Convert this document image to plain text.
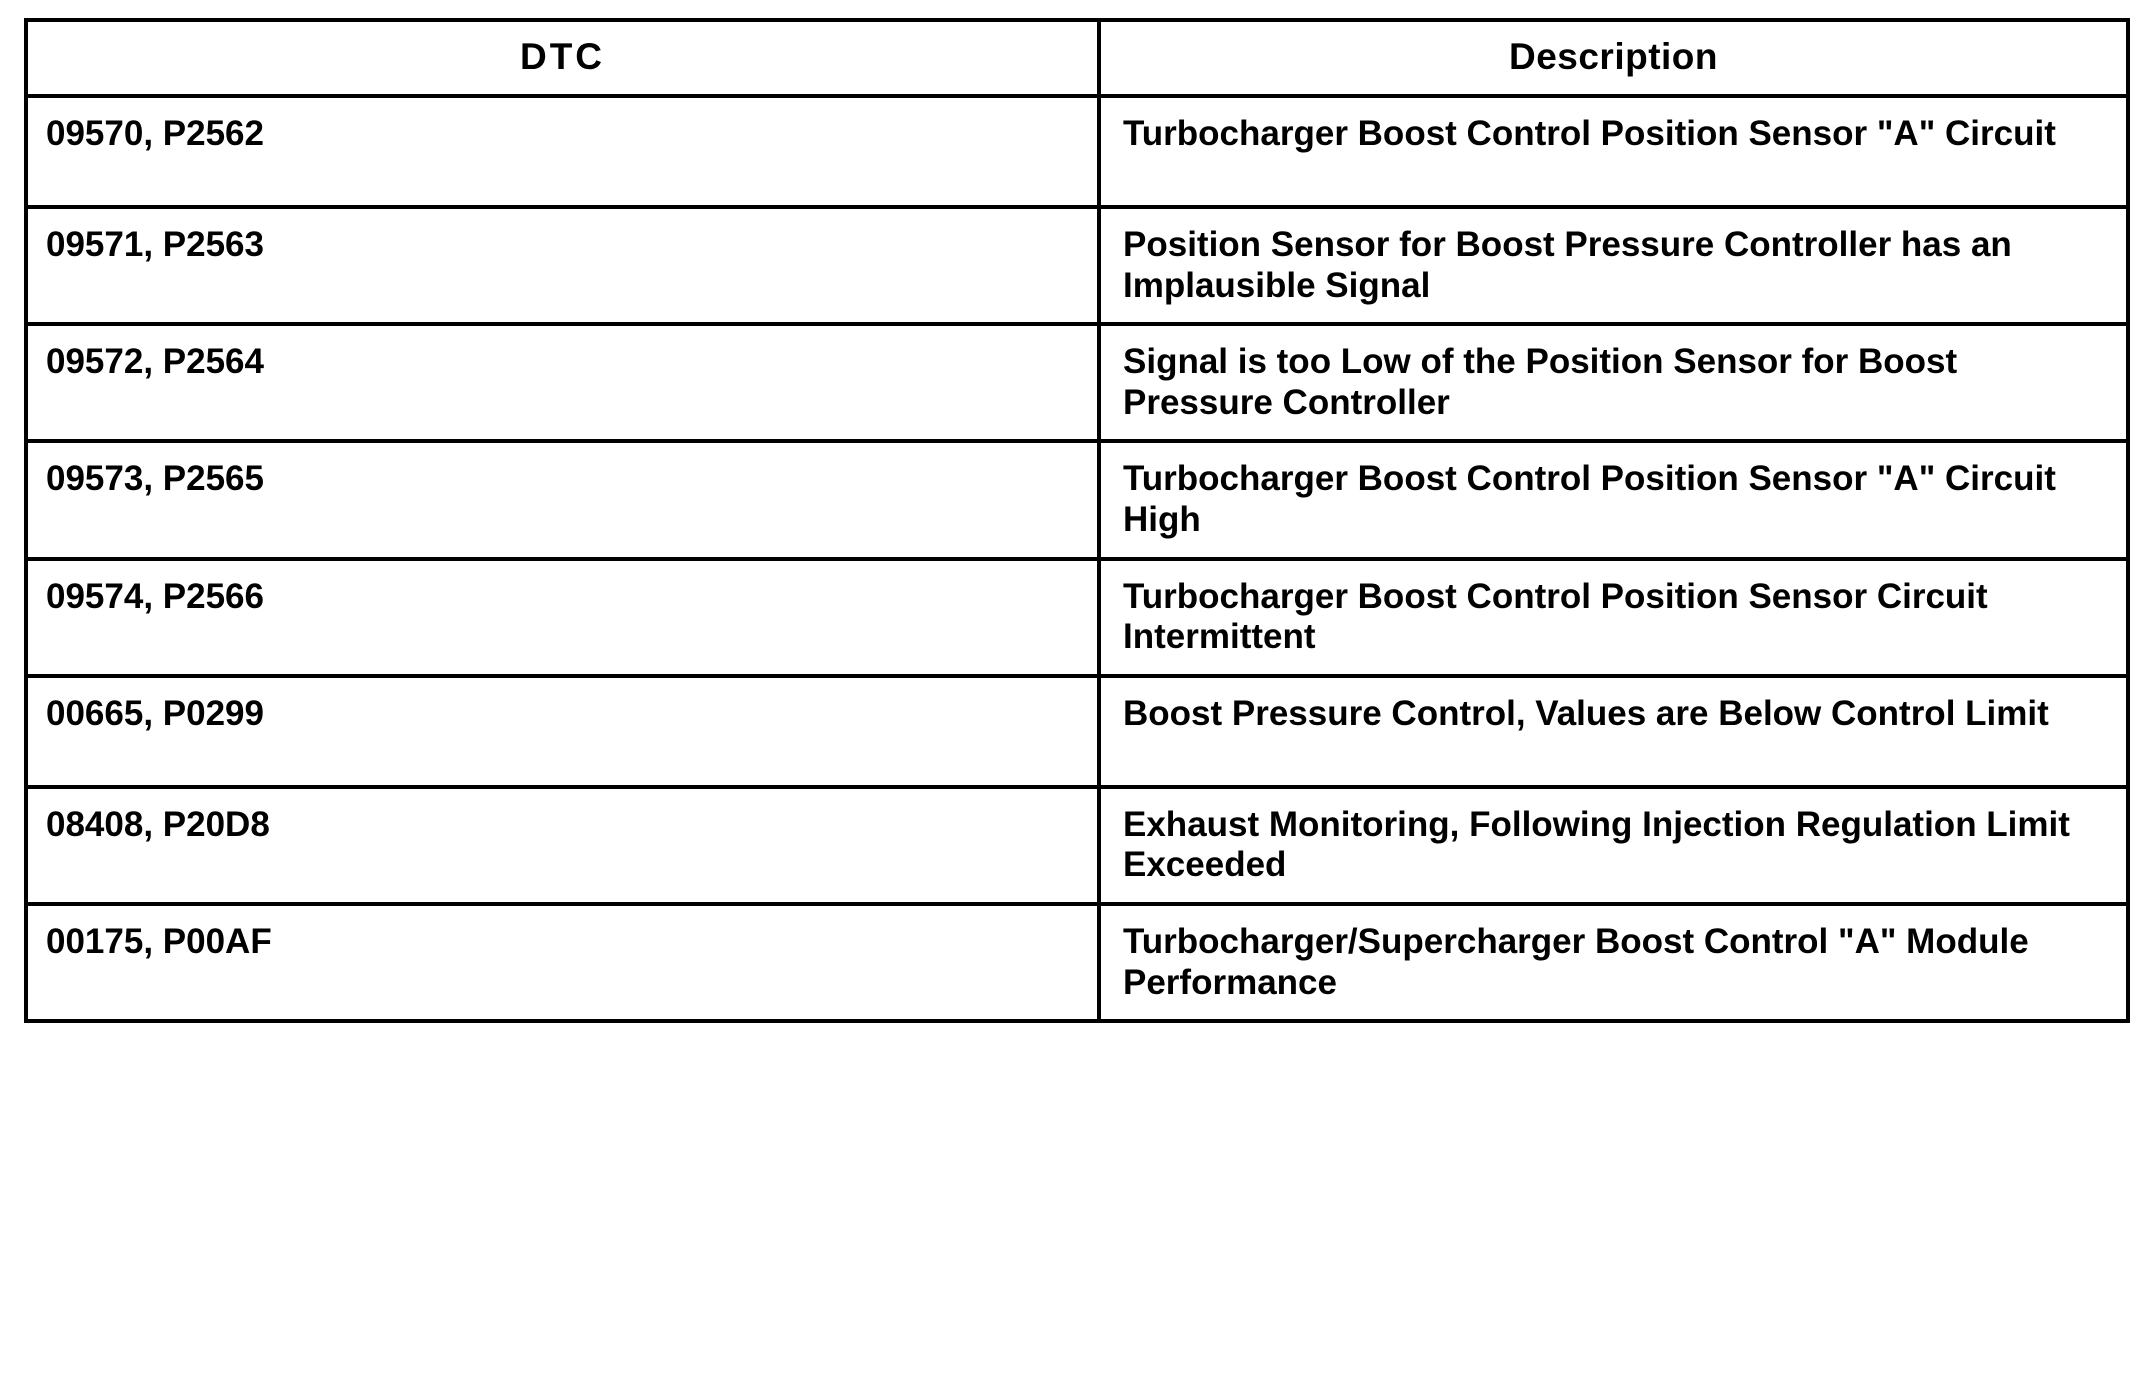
DTC	Description
09570, P2562	Turbocharger Boost Control Position Sensor "A" Circuit
09571, P2563	Position Sensor for Boost Pressure Controller has an Implausible Signal
09572, P2564	Signal is too Low of the Position Sensor for Boost Pressure Controller
09573, P2565	Turbocharger Boost Control Position Sensor "A" Circuit High
09574, P2566	Turbocharger Boost Control Position Sensor Circuit Intermittent
00665, P0299	Boost Pressure Control, Values are Below Control Limit
08408, P20D8	Exhaust Monitoring, Following Injection Regulation Limit Exceeded
00175, P00AF	Turbocharger/Supercharger Boost Control "A" Module Performance
